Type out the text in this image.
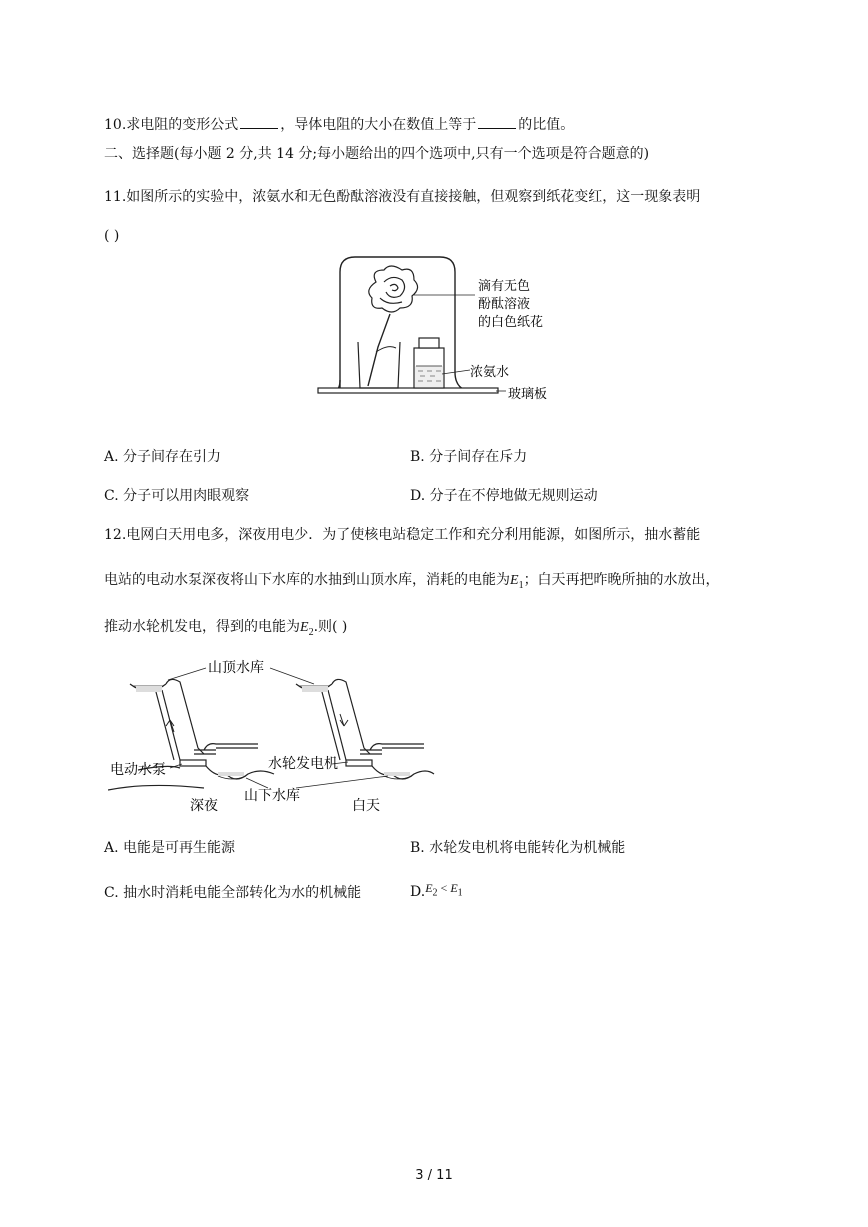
10.求电阻的变形公式	，导体电阻的大小在数值上等于	的比值。
二、选择题(每小题 2 分,共 14 分;每小题给出的四个选项中,只有一个选项是符合题意的)
11.如图所示的实验中，浓氨水和无色酚酞溶液没有直接接触，但观察到纸花变红，这一现象表明
( )
滴有无色
酚酞溶液
的白色纸花
浓氨水
玻璃板
A. 分子间存在引力	B. 分子间存在斥力
C. 分子可以用肉眼观察	D. 分子在不停地做无规则运动
12.电网白天用电多，深夜用电少．为了使核电站稳定工作和充分利用能源，如图所示，抽水蓄能
电站的电动水泵深夜将山下水库的水抽到山顶水库，消耗的电能为$E_1$；白天再把昨晚所抽的水放出，
推动水轮机发电，得到的电能为$E_2$.则( )
山顶水库
电动水泵	水轮发电机
山下水库
深夜	白天
A. 电能是可再生能源	B. 水轮发电机将电能转化为机械能
C. 抽水时消耗电能全部转化为水的机械能	$D.E_2 < E_1$
3 / 11
